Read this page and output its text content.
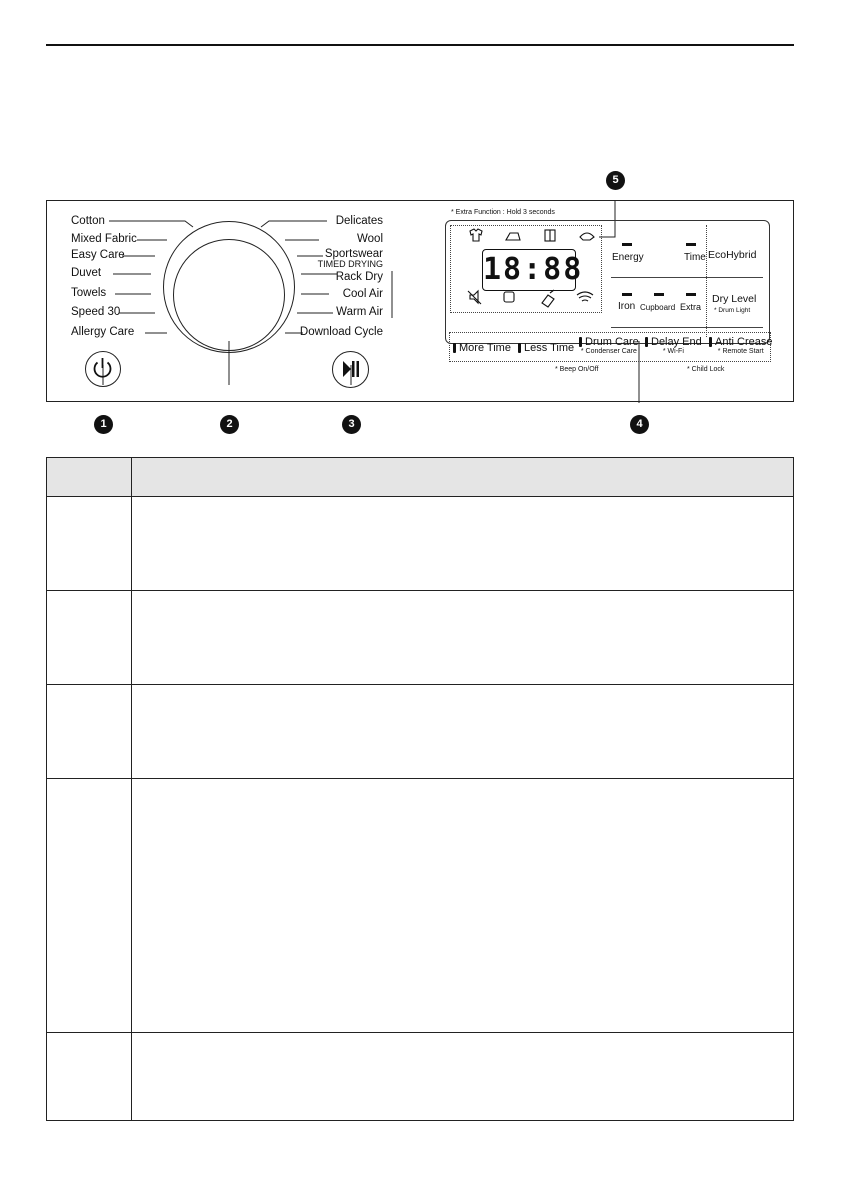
Cotton
Mixed Fabric
Easy Care
Duvet
Towels
Speed 30
Allergy Care
Delicates
Wool
Sportswear
TIMED DRYING
Rack Dry
Cool Air
Warm Air
Download Cycle
1	2	3	4
5
* Extra Function : Hold 3 seconds
18:88	Energy	Time EcoHybrid
Iron Cupboard Extra
Dry Level
* Drum Light
More Time	Less Time Drum Care
* Condenser Care
Delay End
* Wi-Fi
Anti Crease
* Remote Start
* Beep On/Off	* Child Lock
